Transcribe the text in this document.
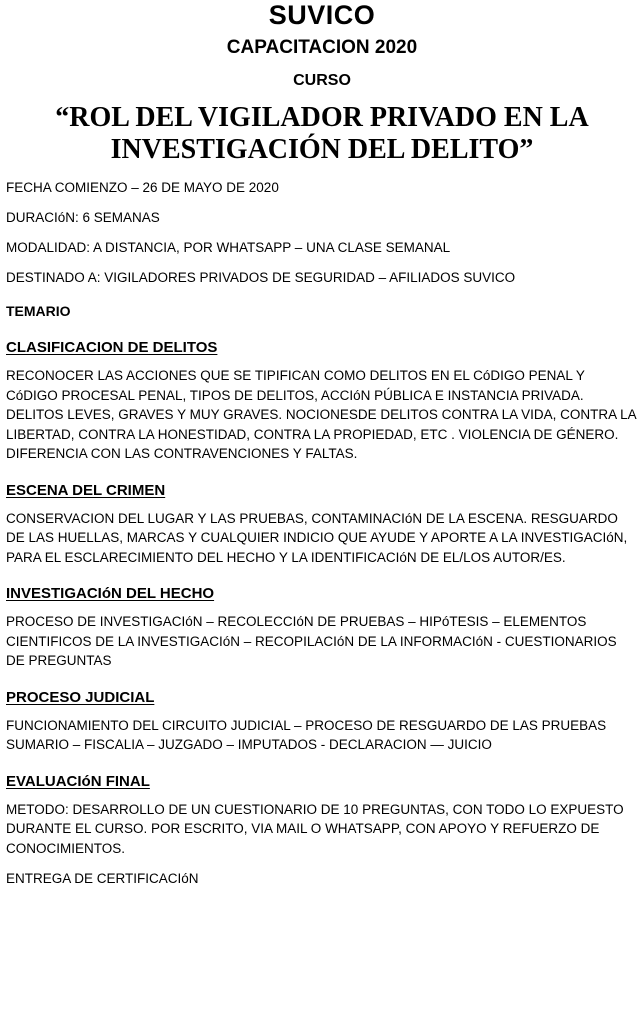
SUVICO
CAPACITACION 2020
CURSO
“ROL DEL VIGILADOR PRIVADO EN LA
INVESTIGACIÓN DEL DELITO”
FECHA COMIENZO – 26 DE MAYO DE 2020
DURACIóN: 6 SEMANAS
MODALIDAD: A DISTANCIA, POR WHATSAPP – UNA CLASE SEMANAL
DESTINADO A: VIGILADORES PRIVADOS DE SEGURIDAD – AFILIADOS SUVICO
TEMARIO
CLASIFICACION DE DELITOS
RECONOCER LAS ACCIONES QUE SE TIPIFICAN COMO DELITOS EN EL CóDIGO PENAL Y CóDIGO PROCESAL PENAL, TIPOS DE DELITOS, ACCIóN PÚBLICA E INSTANCIA PRIVADA. DELITOS LEVES, GRAVES Y MUY GRAVES. NOCIONESDE DELITOS CONTRA LA VIDA, CONTRA LA LIBERTAD, CONTRA LA HONESTIDAD, CONTRA LA PROPIEDAD, ETC . VIOLENCIA DE GÉNERO. DIFERENCIA CON LAS CONTRAVENCIONES Y FALTAS.
ESCENA DEL CRIMEN
CONSERVACION DEL LUGAR Y LAS PRUEBAS, CONTAMINACIóN DE LA ESCENA. RESGUARDO DE LAS HUELLAS, MARCAS Y CUALQUIER INDICIO QUE AYUDE Y APORTE A LA INVESTIGACIóN, PARA EL ESCLARECIMIENTO DEL HECHO Y LA IDENTIFICACIóN DE EL/LOS AUTOR/ES.
INVESTIGACIóN DEL HECHO
PROCESO DE INVESTIGACIóN – RECOLECCIóN DE PRUEBAS – HIPóTESIS – ELEMENTOS CIENTIFICOS DE LA INVESTIGACIóN – RECOPILACIóN DE LA INFORMACIóN - CUESTIONARIOS DE PREGUNTAS
PROCESO JUDICIAL
FUNCIONAMIENTO DEL CIRCUITO JUDICIAL – PROCESO DE RESGUARDO DE LAS PRUEBAS SUMARIO – FISCALIA – JUZGADO – IMPUTADOS - DECLARACION — JUICIO
EVALUACIóN FINAL
METODO: DESARROLLO DE UN CUESTIONARIO DE 10 PREGUNTAS, CON TODO LO EXPUESTO DURANTE EL CURSO. POR ESCRITO, VIA MAIL O WHATSAPP, CON APOYO Y REFUERZO DE CONOCIMIENTOS.
ENTREGA DE CERTIFICACIóN
